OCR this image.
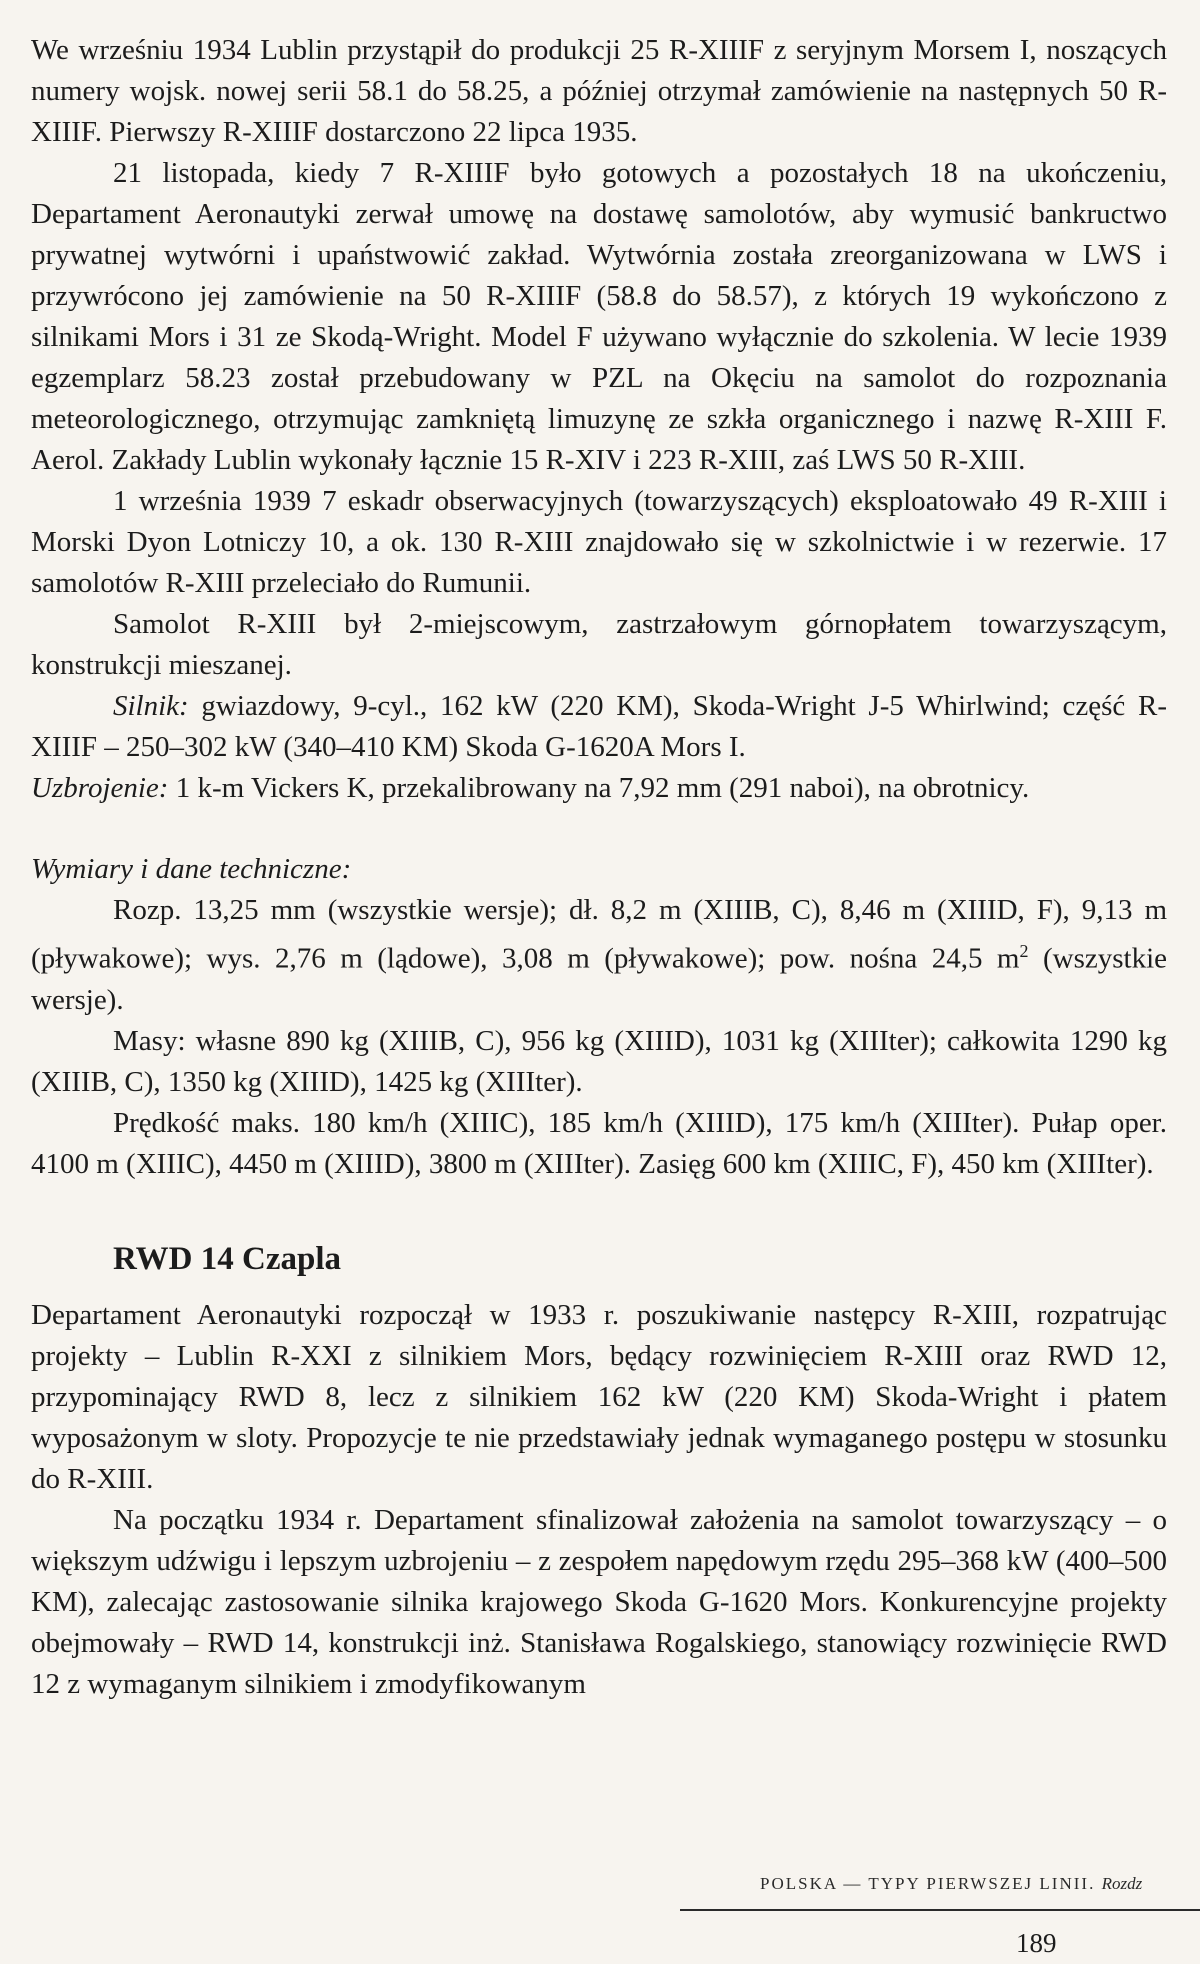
We wrześniu 1934 Lublin przystąpił do produkcji 25 R-XIIIF z seryjnym Morsem I, noszących numery wojsk. nowej serii 58.1 do 58.25, a później otrzymał zamówienie na następnych 50 R-XIIIF. Pierwszy R-XIIIF dostarczono 22 lipca 1935.

21 listopada, kiedy 7 R-XIIIF było gotowych a pozostałych 18 na ukończeniu, Departament Aeronautyki zerwał umowę na dostawę samolotów, aby wymusić bankructwo prywatnej wytwórni i upaństwowić zakład. Wytwórnia została zreorganizowana w LWS i przywrócono jej zamówienie na 50 R-XIIIF (58.8 do 58.57), z których 19 wykończono z silnikami Mors i 31 ze Skodą-Wright. Model F używano wyłącznie do szkolenia. W lecie 1939 egzemplarz 58.23 został przebudowany w PZL na Okęciu na samolot do rozpoznania meteorologicznego, otrzymując zamkniętą limuzynę ze szkła organicznego i nazwę R-XIII F. Aerol. Zakłady Lublin wykonały łącznie 15 R-XIV i 223 R-XIII, zaś LWS 50 R-XIII.

1 września 1939 7 eskadr obserwacyjnych (towarzyszących) eksploatowało 49 R-XIII i Morski Dyon Lotniczy 10, a ok. 130 R-XIII znajdowało się w szkolnictwie i w rezerwie. 17 samolotów R-XIII przeleciało do Rumunii.

Samolot R-XIII był 2-miejscowym, zastrzałowym górnopłatem towarzyszącym, konstrukcji mieszanej.

Silnik: gwiazdowy, 9-cyl., 162 kW (220 KM), Skoda-Wright J-5 Whirlwind; część R-XIIIF – 250–302 kW (340–410 KM) Skoda G-1620A Mors I.

Uzbrojenie: 1 k-m Vickers K, przekalibrowany na 7,92 mm (291 naboi), na obrotnicy.

Wymiary i dane techniczne:

Rozp. 13,25 mm (wszystkie wersje); dł. 8,2 m (XIIIB, C), 8,46 m (XIIID, F), 9,13 m (pływakowe); wys. 2,76 m (lądowe), 3,08 m (pływakowe); pow. nośna 24,5 $m^2$ (wszystkie wersje).

Masy: własne 890 kg (XIIIB, C), 956 kg (XIIID), 1031 kg (XIIIter); całkowita 1290 kg (XIIIB, C), 1350 kg (XIIID), 1425 kg (XIIIter).

Prędkość maks. 180 km/h (XIIIC), 185 km/h (XIIID), 175 km/h (XIIIter). Pułap oper. 4100 m (XIIIC), 4450 m (XIIID), 3800 m (XIIIter). Zasięg 600 km (XIIIC, F), 450 km (XIIIter).

RWD 14 Czapla

Departament Aeronautyki rozpoczął w 1933 r. poszukiwanie następcy R-XIII, rozpatrując projekty – Lublin R-XXI z silnikiem Mors, będący rozwinięciem R-XIII oraz RWD 12, przypominający RWD 8, lecz z silnikiem 162 kW (220 KM) Skoda-Wright i płatem wyposażonym w sloty. Propozycje te nie przedstawiały jednak wymaganego postępu w stosunku do R-XIII.

Na początku 1934 r. Departament sfinalizował założenia na samolot towarzyszący – o większym udźwigu i lepszym uzbrojeniu – z zespołem napędowym rzędu 295–368 kW (400–500 KM), zalecając zastosowanie silnika krajowego Skoda G-1620 Mors. Konkurencyjne projekty obejmowały – RWD 14, konstrukcji inż. Stanisława Rogalskiego, stanowiący rozwinięcie RWD 12 z wymaganym silnikiem i zmodyfikowanym

POLSKA — TYPY PIERWSZEJ LINII. Rozdz
189
